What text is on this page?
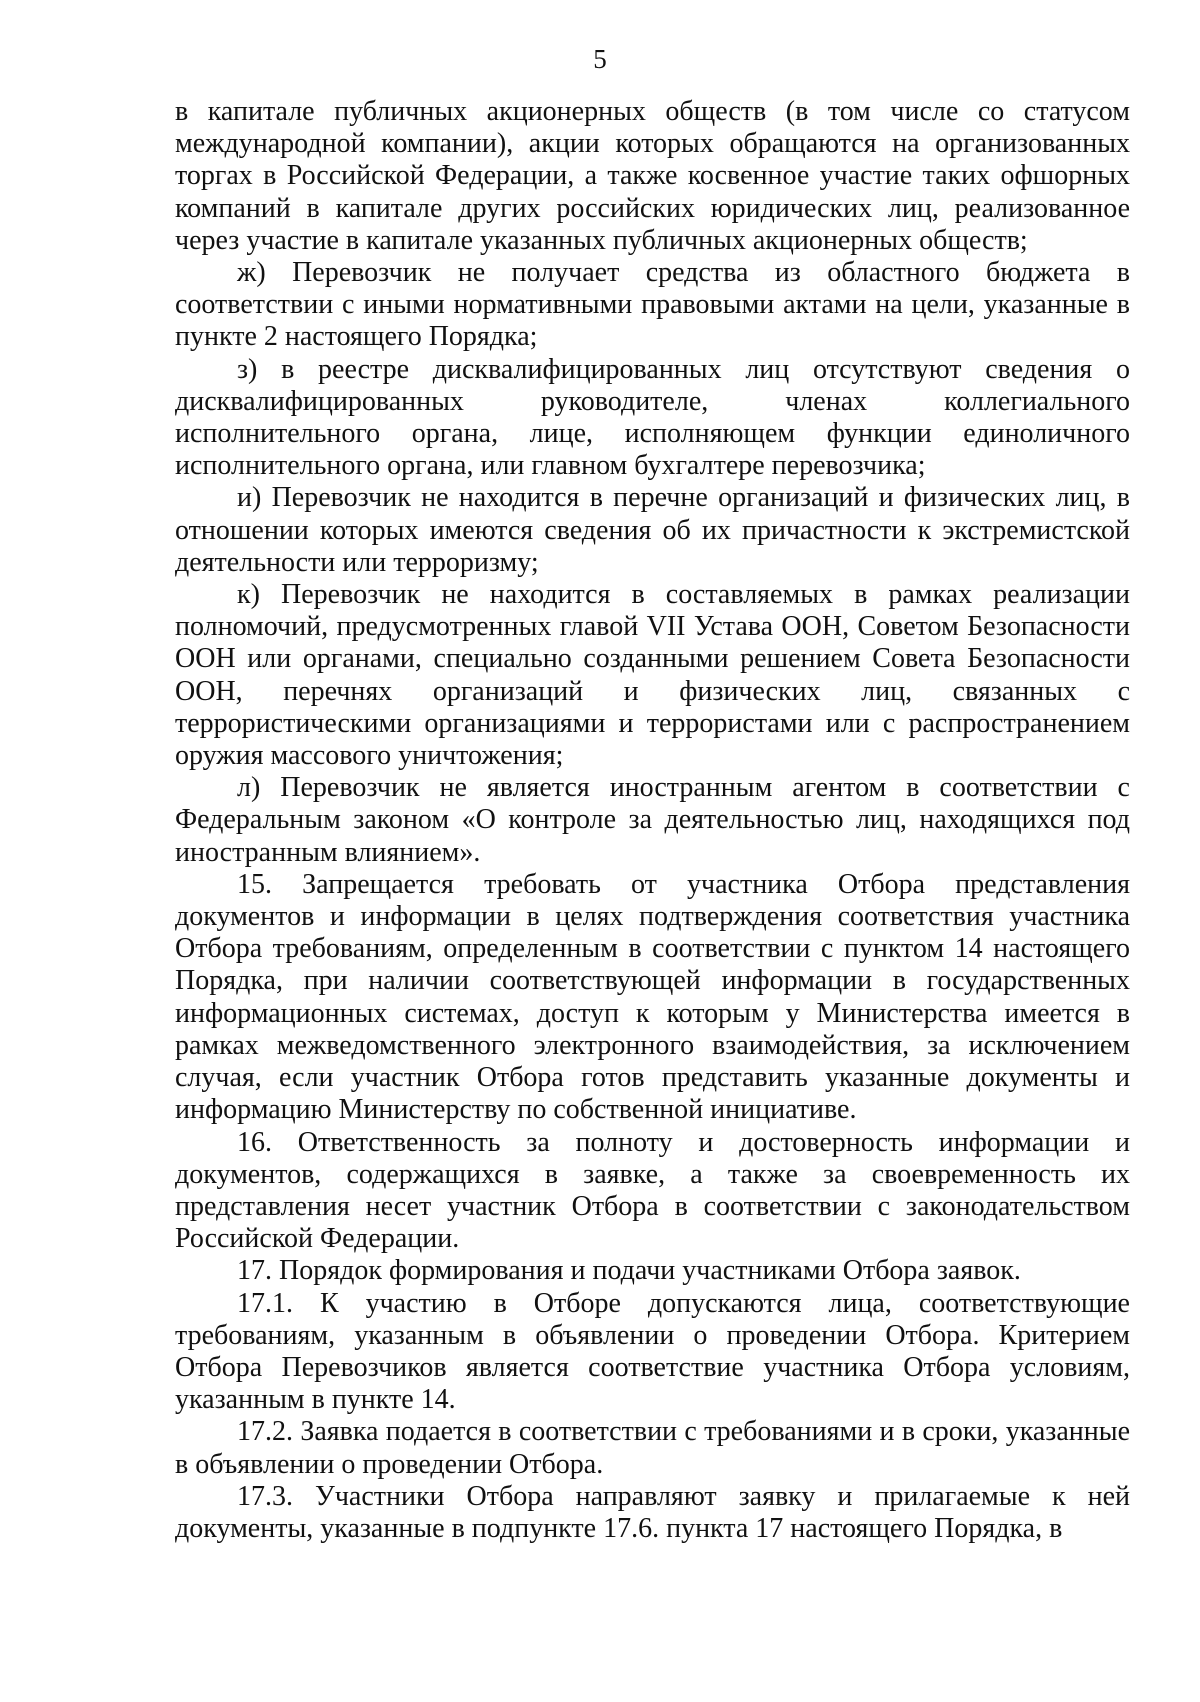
5

в капитале публичных акционерных обществ (в том числе со статусом международной компании), акции которых обращаются на организованных торгах в Российской Федерации, а также косвенное участие таких офшорных компаний в капитале других российских юридических лиц, реализованное через участие в капитале указанных публичных акционерных обществ;

ж) Перевозчик не получает средства из областного бюджета в соответствии с иными нормативными правовыми актами на цели, указанные в пункте 2 настоящего Порядка;

з) в реестре дисквалифицированных лиц отсутствуют сведения о дисквалифицированных руководителе, членах коллегиального исполнительного органа, лице, исполняющем функции единоличного исполнительного органа, или главном бухгалтере перевозчика;

и) Перевозчик не находится в перечне организаций и физических лиц, в отношении которых имеются сведения об их причастности к экстремистской деятельности или терроризму;

к) Перевозчик не находится в составляемых в рамках реализации полномочий, предусмотренных главой VII Устава ООН, Советом Безопасности ООН или органами, специально созданными решением Совета Безопасности ООН, перечнях организаций и физических лиц, связанных с террористическими организациями и террористами или с распространением оружия массового уничтожения;

л) Перевозчик не является иностранным агентом в соответствии с Федеральным законом «О контроле за деятельностью лиц, находящихся под иностранным влиянием».

15. Запрещается требовать от участника Отбора представления документов и информации в целях подтверждения соответствия участника Отбора требованиям, определенным в соответствии с пунктом 14 настоящего Порядка, при наличии соответствующей информации в государственных информационных системах, доступ к которым у Министерства имеется в рамках межведомственного электронного взаимодействия, за исключением случая, если участник Отбора готов представить указанные документы и информацию Министерству по собственной инициативе.

16. Ответственность за полноту и достоверность информации и документов, содержащихся в заявке, а также за своевременность их представления несет участник Отбора в соответствии с законодательством Российской Федерации.

17. Порядок формирования и подачи участниками Отбора заявок.

17.1. К участию в Отборе допускаются лица, соответствующие требованиям, указанным в объявлении о проведении Отбора. Критерием Отбора Перевозчиков является соответствие участника Отбора условиям, указанным в пункте 14.

17.2. Заявка подается в соответствии с требованиями и в сроки, указанные в объявлении о проведении Отбора.

17.3. Участники Отбора направляют заявку и прилагаемые к ней документы, указанные в подпункте 17.6. пункта 17 настоящего Порядка, в
